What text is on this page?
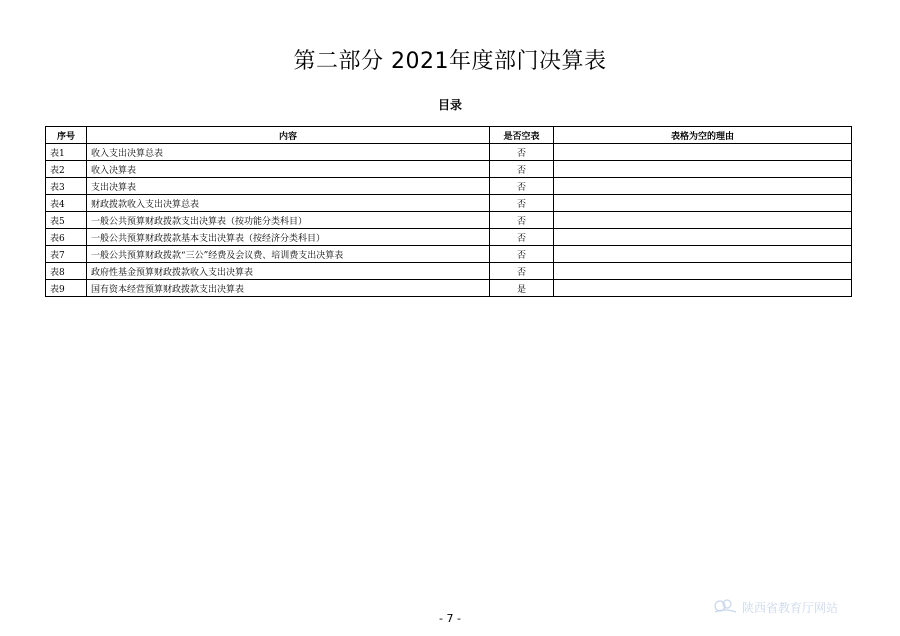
第二部分 2021年度部门决算表
目录
序号	内容	是否空表	表格为空的理由
表1	收入支出决算总表	否	
表2	收入决算表	否	
表3	支出决算表	否	
表4	财政拨款收入支出决算总表	否	
表5	一般公共预算财政拨款支出决算表（按功能分类科目）	否	
表6	一般公共预算财政拨款基本支出决算表（按经济分类科目）	否	
表7	一般公共预算财政拨款“三公”经费及会议费、培训费支出决算表	否	
表8	政府性基金预算财政拨款收入支出决算表	否	
表9	国有资本经营预算财政拨款支出决算表	是	
陕西省教育厅网站
- 7 -
